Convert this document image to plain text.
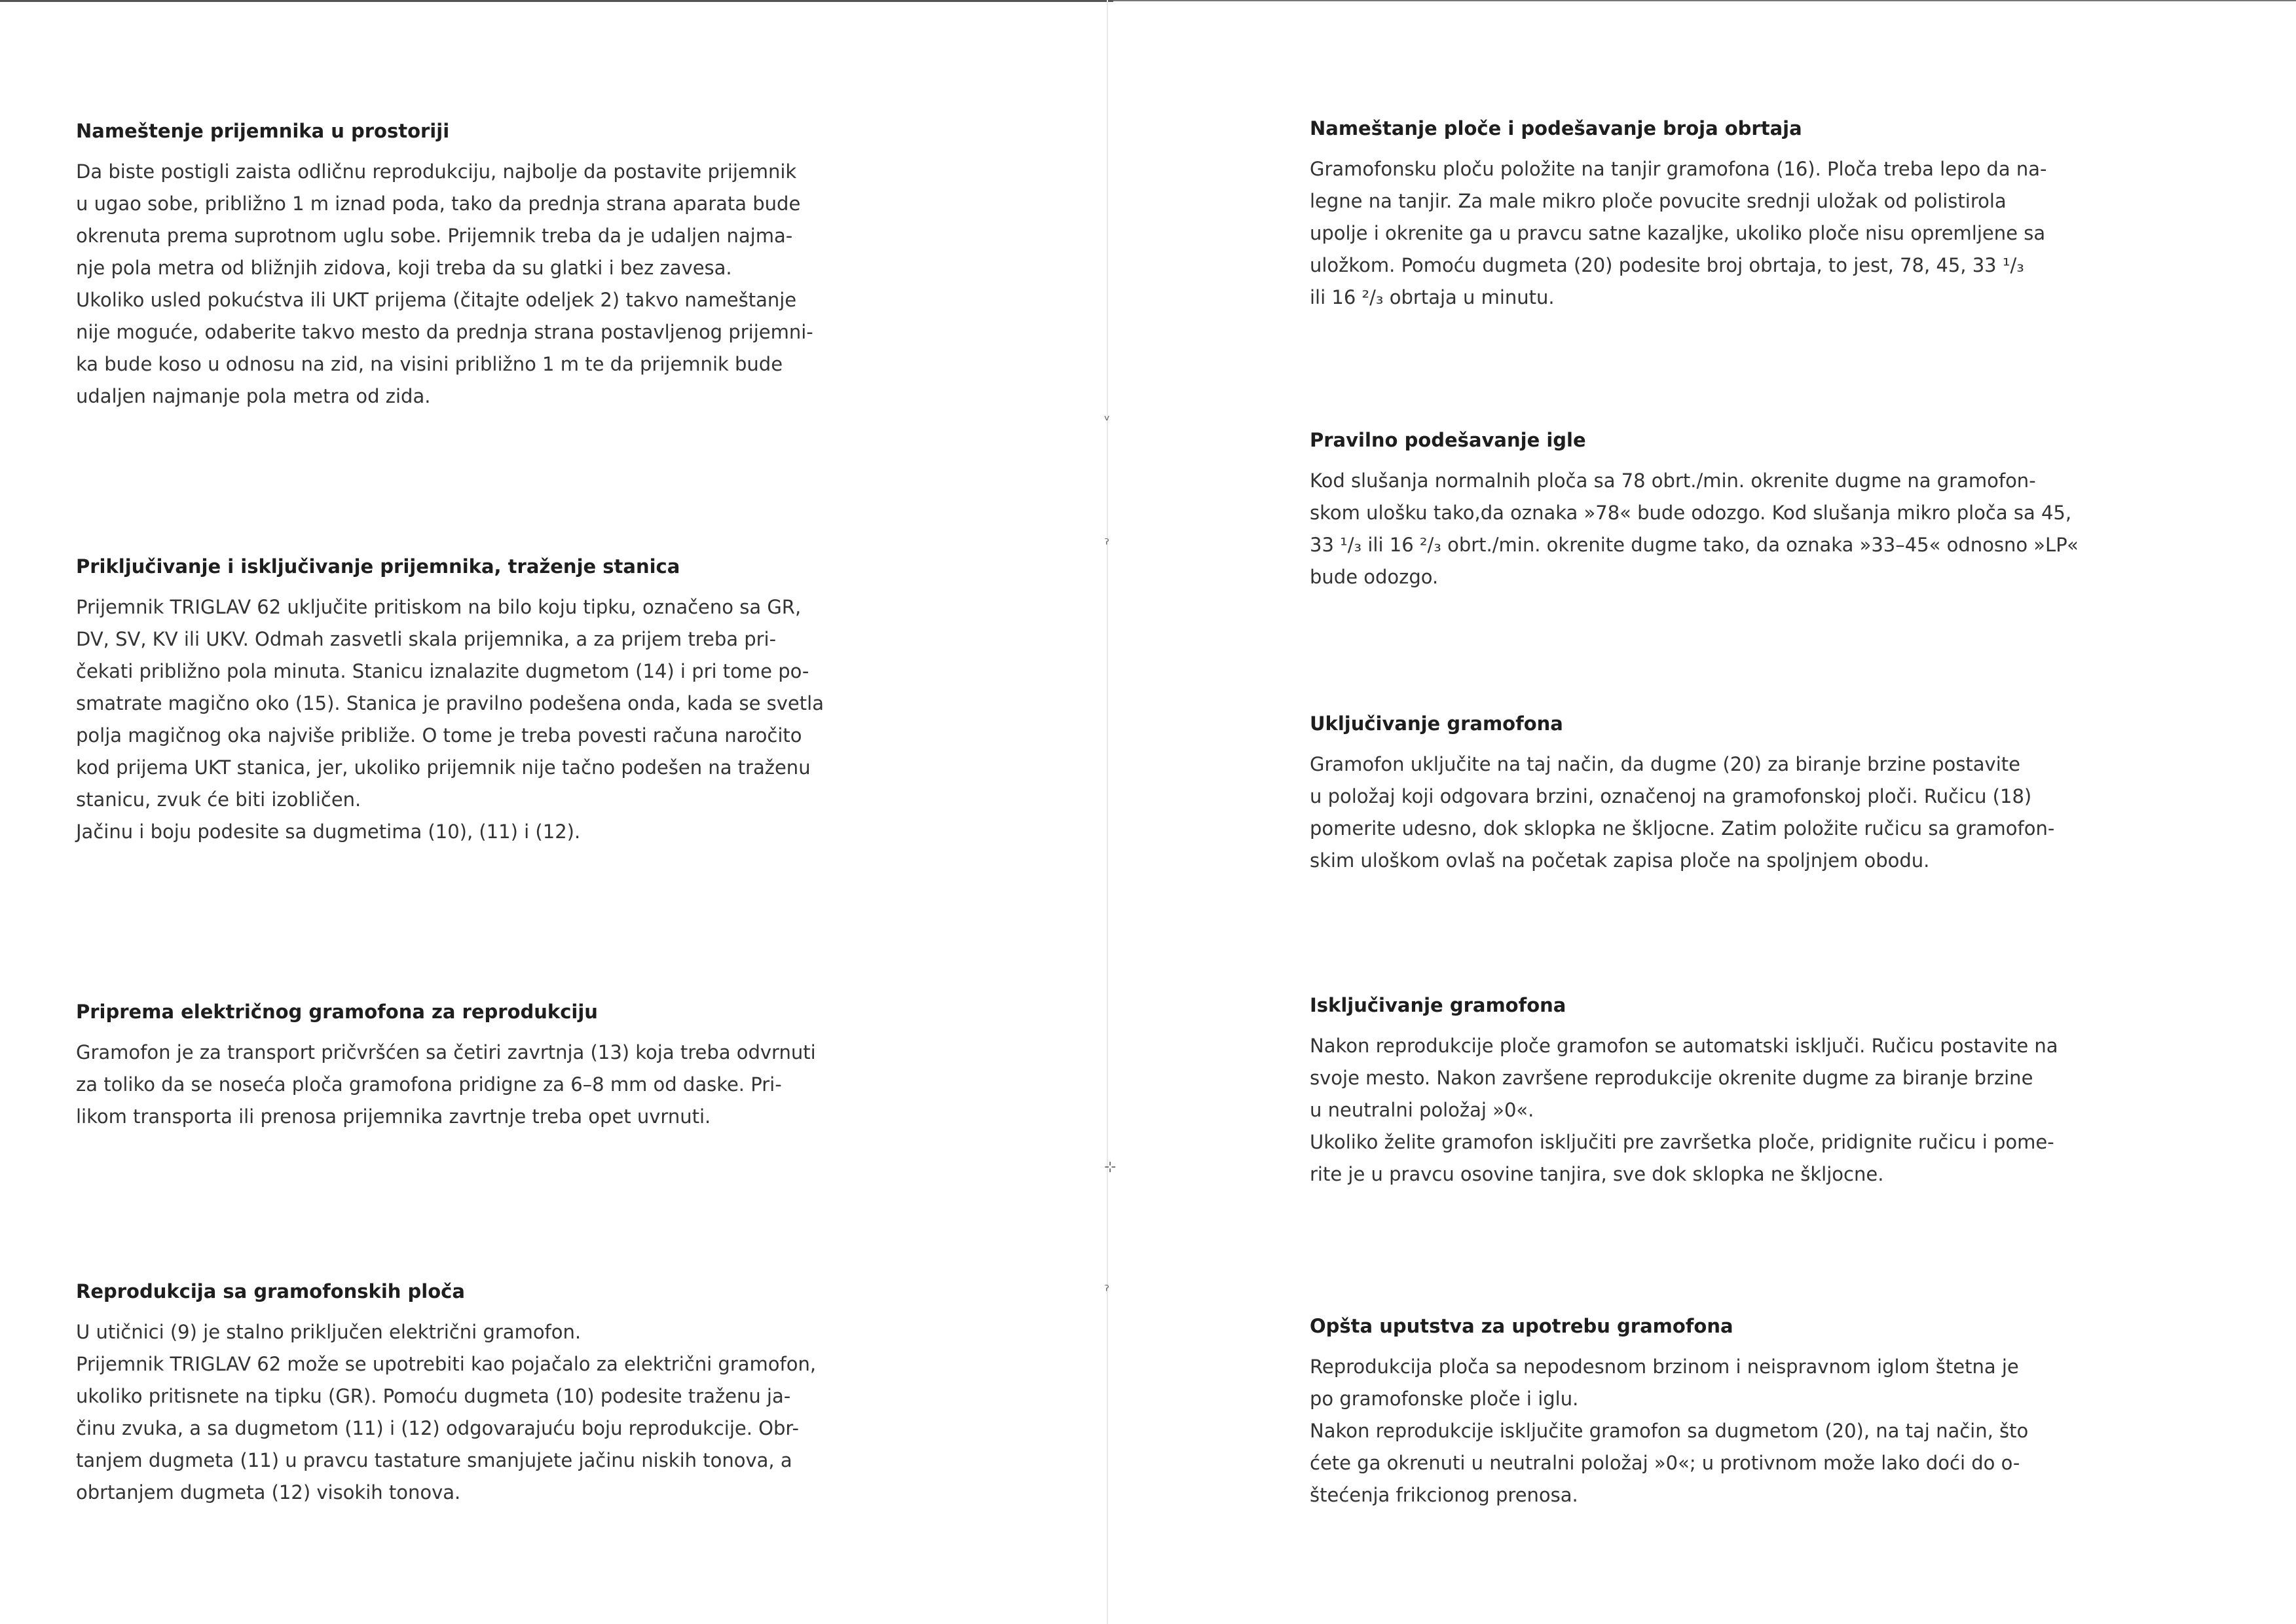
ᵛ
ˀ
⊹
ˀ
Nameštenje prijemnika u prostoriji

Da biste postigli zaista odličnu reprodukciju, najbolje da postavite prijemnik
u ugao sobe, približno 1 m iznad poda, tako da prednja strana aparata bude
okrenuta prema suprotnom uglu sobe. Prijemnik treba da je udaljen najma-
nje pola metra od bližnjih zidova, koji treba da su glatki i bez zavesa.
Ukoliko usled pokućstva ili UKT prijema (čitajte odeljek 2) takvo nameštanje
nije moguće, odaberite takvo mesto da prednja strana postavljenog prijemni-
ka bude koso u odnosu na zid, na visini približno 1 m te da prijemnik bude
udaljen najmanje pola metra od zida.

Priključivanje i isključivanje prijemnika, traženje stanica

Prijemnik TRIGLAV 62 uključite pritiskom na bilo koju tipku, označeno sa GR,
DV, SV, KV ili UKV. Odmah zasvetli skala prijemnika, a za prijem treba pri-
čekati približno pola minuta. Stanicu iznalazite dugmetom (14) i pri tome po-
smatrate magično oko (15). Stanica je pravilno podešena onda, kada se svetla
polja magičnog oka najviše približe. O tome je treba povesti računa naročito
kod prijema UKT stanica, jer, ukoliko prijemnik nije tačno podešen na traženu
stanicu, zvuk će biti izobličen.
Jačinu i boju podesite sa dugmetima (10), (11) i (12).

Priprema električnog gramofona za reprodukciju

Gramofon je za transport pričvršćen sa četiri zavrtnja (13) koja treba odvrnuti
za toliko da se noseća ploča gramofona pridigne za 6–8 mm od daske. Pri-
likom transporta ili prenosa prijemnika zavrtnje treba opet uvrnuti.

Reprodukcija sa gramofonskih ploča

U utičnici (9) je stalno priključen električni gramofon.
Prijemnik TRIGLAV 62 može se upotrebiti kao pojačalo za električni gramofon,
ukoliko pritisnete na tipku (GR). Pomoću dugmeta (10) podesite traženu ja-
činu zvuka, a sa dugmetom (11) i (12) odgovarajuću boju reprodukcije. Obr-
tanjem dugmeta (11) u pravcu tastature smanjujete jačinu niskih tonova, a
obrtanjem dugmeta (12) visokih tonova.

Nameštanje ploče i podešavanje broja obrtaja

Gramofonsku ploču položite na tanjir gramofona (16). Ploča treba lepo da na-
legne na tanjir. Za male mikro ploče povucite srednji uložak od polistirola
upolje i okrenite ga u pravcu satne kazaljke, ukoliko ploče nisu opremljene sa
uložkom. Pomoću dugmeta (20) podesite broj obrtaja, to jest, 78, 45, 33 ¹/₃
ili 16 ²/₃ obrtaja u minutu.

Pravilno podešavanje igle

Kod slušanja normalnih ploča sa 78 obrt./min. okrenite dugme na gramofon-
skom ulošku tako,da oznaka »78« bude odozgo. Kod slušanja mikro ploča sa 45,
33 ¹/₃ ili 16 ²/₃ obrt./min. okrenite dugme tako, da oznaka »33–45« odnosno »LP«
bude odozgo.

Uključivanje gramofona

Gramofon uključite na taj način, da dugme (20) za biranje brzine postavite
u položaj koji odgovara brzini, označenoj na gramofonskoj ploči. Ručicu (18)
pomerite udesno, dok sklopka ne škljocne. Zatim položite ručicu sa gramofon-
skim uloškom ovlaš na početak zapisa ploče na spoljnjem obodu.

Isključivanje gramofona

Nakon reprodukcije ploče gramofon se automatski isključi. Ručicu postavite na
svoje mesto. Nakon završene reprodukcije okrenite dugme za biranje brzine
u neutralni položaj »0«.
Ukoliko želite gramofon isključiti pre završetka ploče, pridignite ručicu i pome-
rite je u pravcu osovine tanjira, sve dok sklopka ne škljocne.

Opšta uputstva za upotrebu gramofona

Reprodukcija ploča sa nepodesnom brzinom i neispravnom iglom štetna je
po gramofonske ploče i iglu.
Nakon reprodukcije isključite gramofon sa dugmetom (20), na taj način, što
ćete ga okrenuti u neutralni položaj »0«; u protivnom može lako doći do o-
štećenja frikcionog prenosa.
